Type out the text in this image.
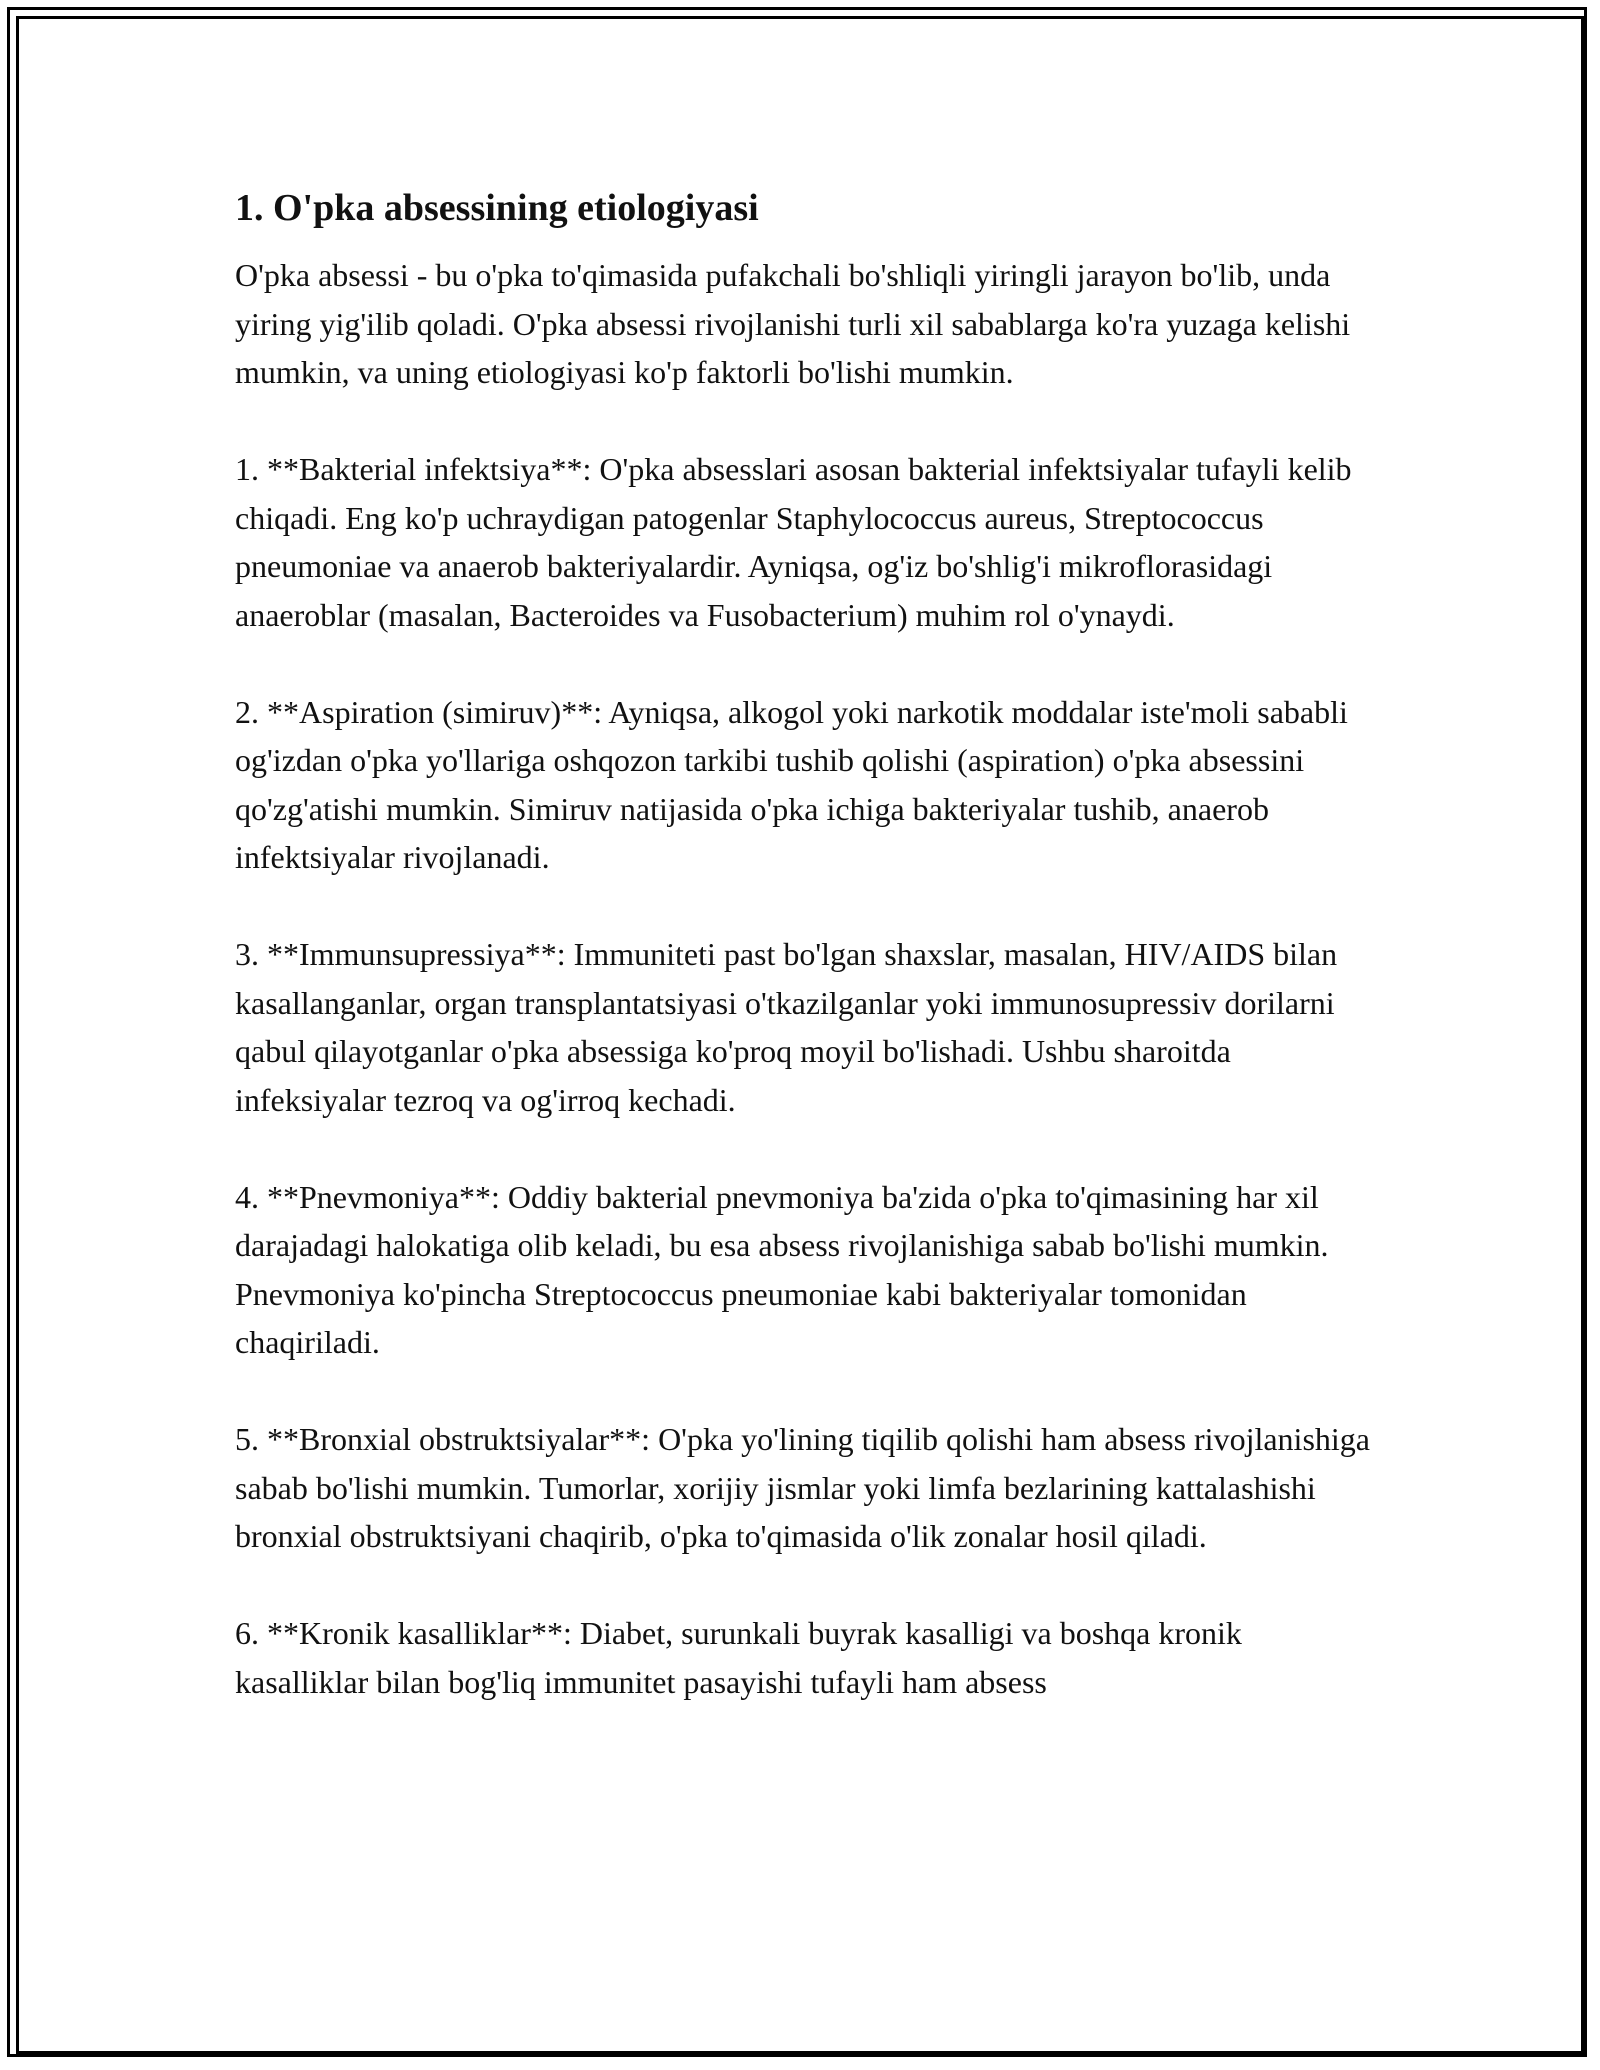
1. O'pka absessining etiologiyasi

O'pka absessi - bu o'pka to'qimasida pufakchali bo'shliqli yiringli jarayon bo'lib, unda yiring yig'ilib qoladi. O'pka absessi rivojlanishi turli xil sabablarga ko'ra yuzaga kelishi mumkin, va uning etiologiyasi ko'p faktorli bo'lishi mumkin.

1. **Bakterial infektsiya**: O'pka absesslari asosan bakterial infektsiyalar tufayli kelib chiqadi. Eng ko'p uchraydigan patogenlar Staphylococcus aureus, Streptococcus pneumoniae va anaerob bakteriyalardir. Ayniqsa, og'iz bo'shlig'i mikroflorasidagi anaeroblar (masalan, Bacteroides va Fusobacterium) muhim rol o'ynaydi.

2. **Aspiration (simiruv)**: Ayniqsa, alkogol yoki narkotik moddalar iste'moli sababli og'izdan o'pka yo'llariga oshqozon tarkibi tushib qolishi (aspiration) o'pka absessini qo'zg'atishi mumkin. Simiruv natijasida o'pka ichiga bakteriyalar tushib, anaerob infektsiyalar rivojlanadi.

3. **Immunsupressiya**: Immuniteti past bo'lgan shaxslar, masalan, HIV/AIDS bilan kasallanganlar, organ transplantatsiyasi o'tkazilganlar yoki immunosupressiv dorilarni qabul qilayotganlar o'pka absessiga ko'proq moyil bo'lishadi. Ushbu sharoitda infeksiyalar tezroq va og'irroq kechadi.

4. **Pnevmoniya**: Oddiy bakterial pnevmoniya ba'zida o'pka to'qimasining har xil darajadagi halokatiga olib keladi, bu esa absess rivojlanishiga sabab bo'lishi mumkin. Pnevmoniya ko'pincha Streptococcus pneumoniae kabi bakteriyalar tomonidan chaqiriladi.

5. **Bronxial obstruktsiyalar**: O'pka yo'lining tiqilib qolishi ham absess rivojlanishiga sabab bo'lishi mumkin. Tumorlar, xorijiy jismlar yoki limfa bezlarining kattalashishi bronxial obstruktsiyani chaqirib, o'pka to'qimasida o'lik zonalar hosil qiladi.

6. **Kronik kasalliklar**: Diabet, surunkali buyrak kasalligi va boshqa kronik kasalliklar bilan bog'liq immunitet pasayishi tufayli ham absess
